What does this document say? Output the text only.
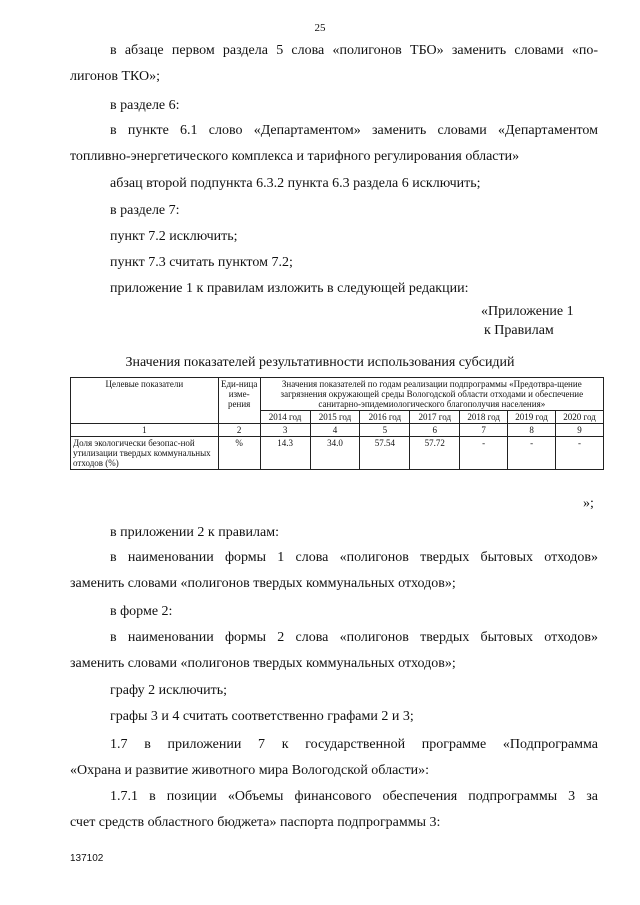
25
в абзаце первом раздела 5 слова «полигонов ТБО» заменить словами «по-
лигонов ТКО»;
в разделе 6:
в пункте 6.1 слово «Департаментом» заменить словами «Департаментом
топливно-энергетического комплекса и тарифного регулирования области»
абзац второй подпункта 6.3.2 пункта 6.3 раздела 6 исключить;
в разделе 7:
пункт 7.2 исключить;
пункт 7.3 считать пунктом 7.2;
приложение 1 к правилам изложить в следующей редакции:
«Приложение 1
к Правилам
Значения показателей результативности использования субсидий
Целевые показатели	Еди-ница изме-рения	Значения показателей по годам реализации подпрограммы «Предотвра-щение загрязнения окружающей среды Вологодской области отходами и обеспечение санитарно-эпидемиологического благополучия населения»						
		2014 год	2015 год	2016 год	2017 год	2018 год	2019 год	2020 год
1	2	3	4	5	6	7	8	9
Доля экологически безопас-ной утилизации твердых коммунальных отходов (%)	%	14.3	34.0	57.54	57.72	-	-	-
»;
в приложении 2 к правилам:
в наименовании формы 1 слова «полигонов твердых бытовых отходов»
заменить словами «полигонов твердых коммунальных отходов»;
в форме 2:
в наименовании формы 2 слова «полигонов твердых бытовых отходов»
заменить словами «полигонов твердых коммунальных отходов»;
графу 2 исключить;
графы 3 и 4 считать соответственно графами 2 и 3;
1.7 в приложении 7 к государственной программе «Подпрограмма
«Охрана и развитие животного мира Вологодской области»:
1.7.1 в позиции «Объемы финансового обеспечения подпрограммы 3 за
счет средств областного бюджета» паспорта подпрограммы 3:
137102
